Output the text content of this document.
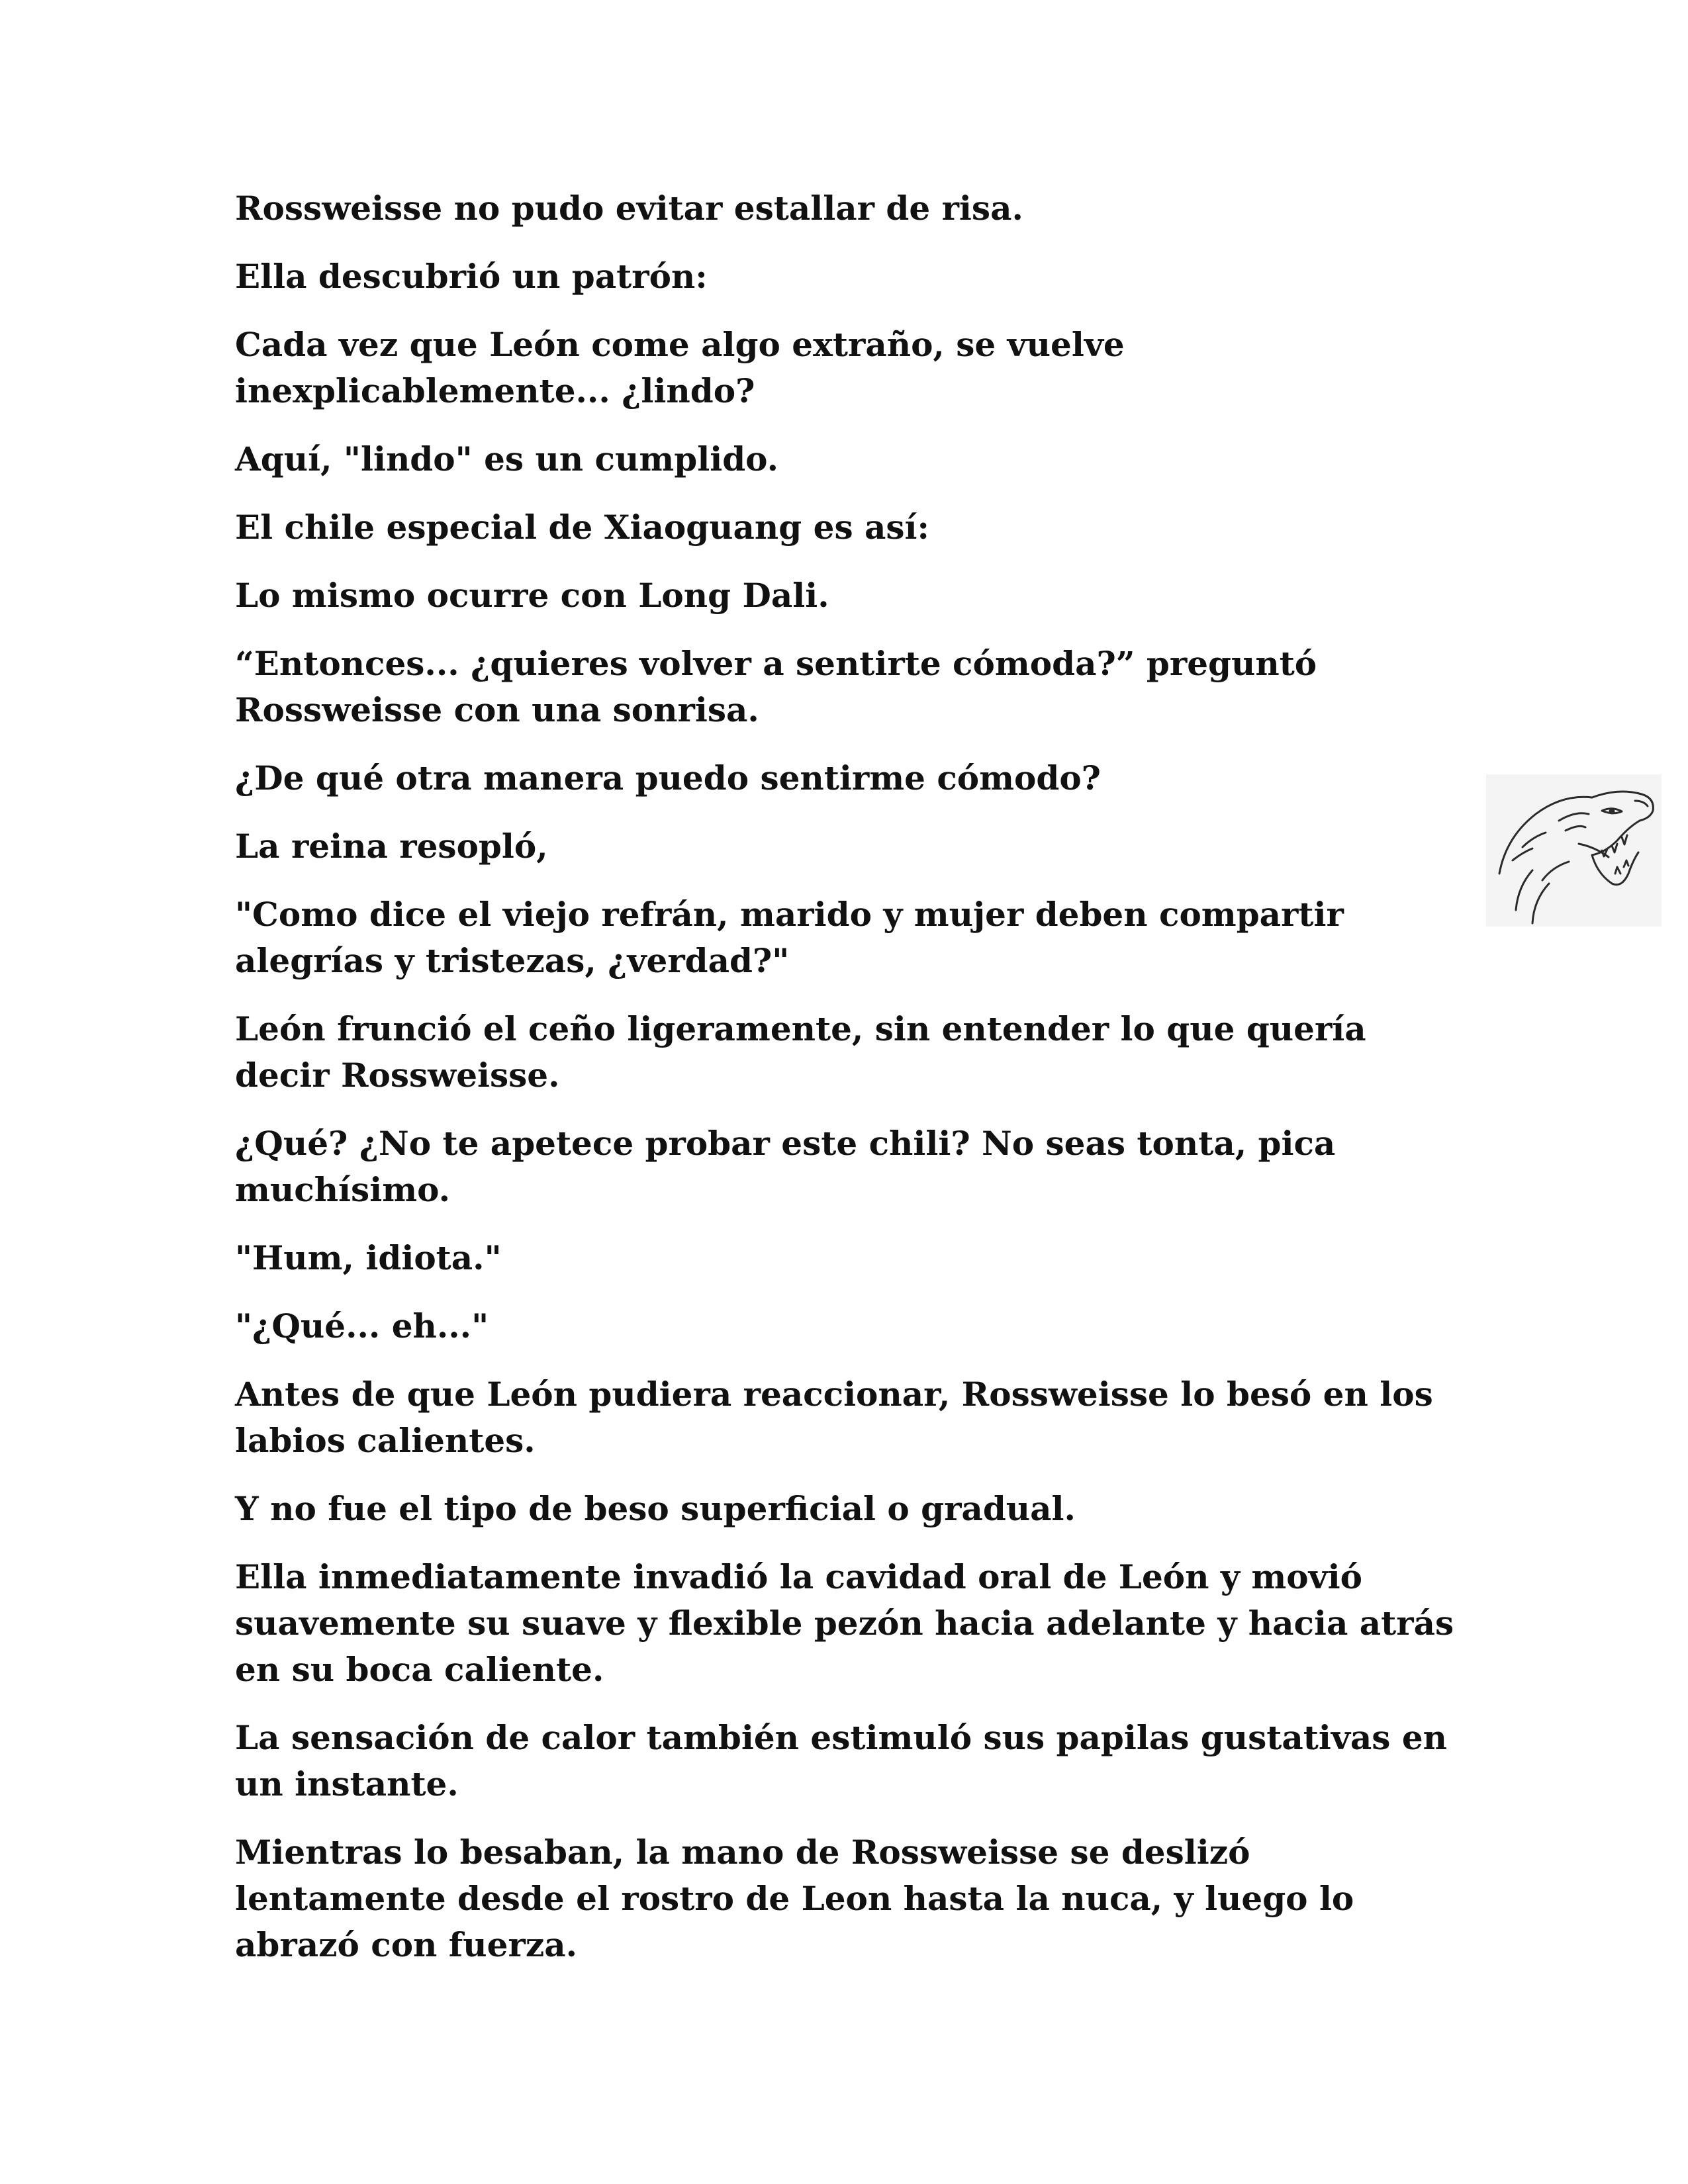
Rossweisse no pudo evitar estallar de risa.

Ella descubrió un patrón:

Cada vez que León come algo extraño, se vuelve inexplicablemente... ¿lindo?

Aquí, "lindo" es un cumplido.

El chile especial de Xiaoguang es así:

Lo mismo ocurre con Long Dali.

“Entonces... ¿quieres volver a sentirte cómoda?” preguntó Rossweisse con una sonrisa.

¿De qué otra manera puedo sentirme cómodo?

La reina resopló,

"Como dice el viejo refrán, marido y mujer deben compartir alegrías y tristezas, ¿verdad?"

León frunció el ceño ligeramente, sin entender lo que quería decir Rossweisse.

¿Qué? ¿No te apetece probar este chili? No seas tonta, pica muchísimo.

"Hum, idiota."

"¿Qué... eh..."

Antes de que León pudiera reaccionar, Rossweisse lo besó en los labios calientes.

Y no fue el tipo de beso superficial o gradual.

Ella inmediatamente invadió la cavidad oral de León y movió suavemente su suave y flexible pezón hacia adelante y hacia atrás en su boca caliente.

La sensación de calor también estimuló sus papilas gustativas en un instante.

Mientras lo besaban, la mano de Rossweisse se deslizó lentamente desde el rostro de Leon hasta la nuca, y luego lo abrazó con fuerza.
